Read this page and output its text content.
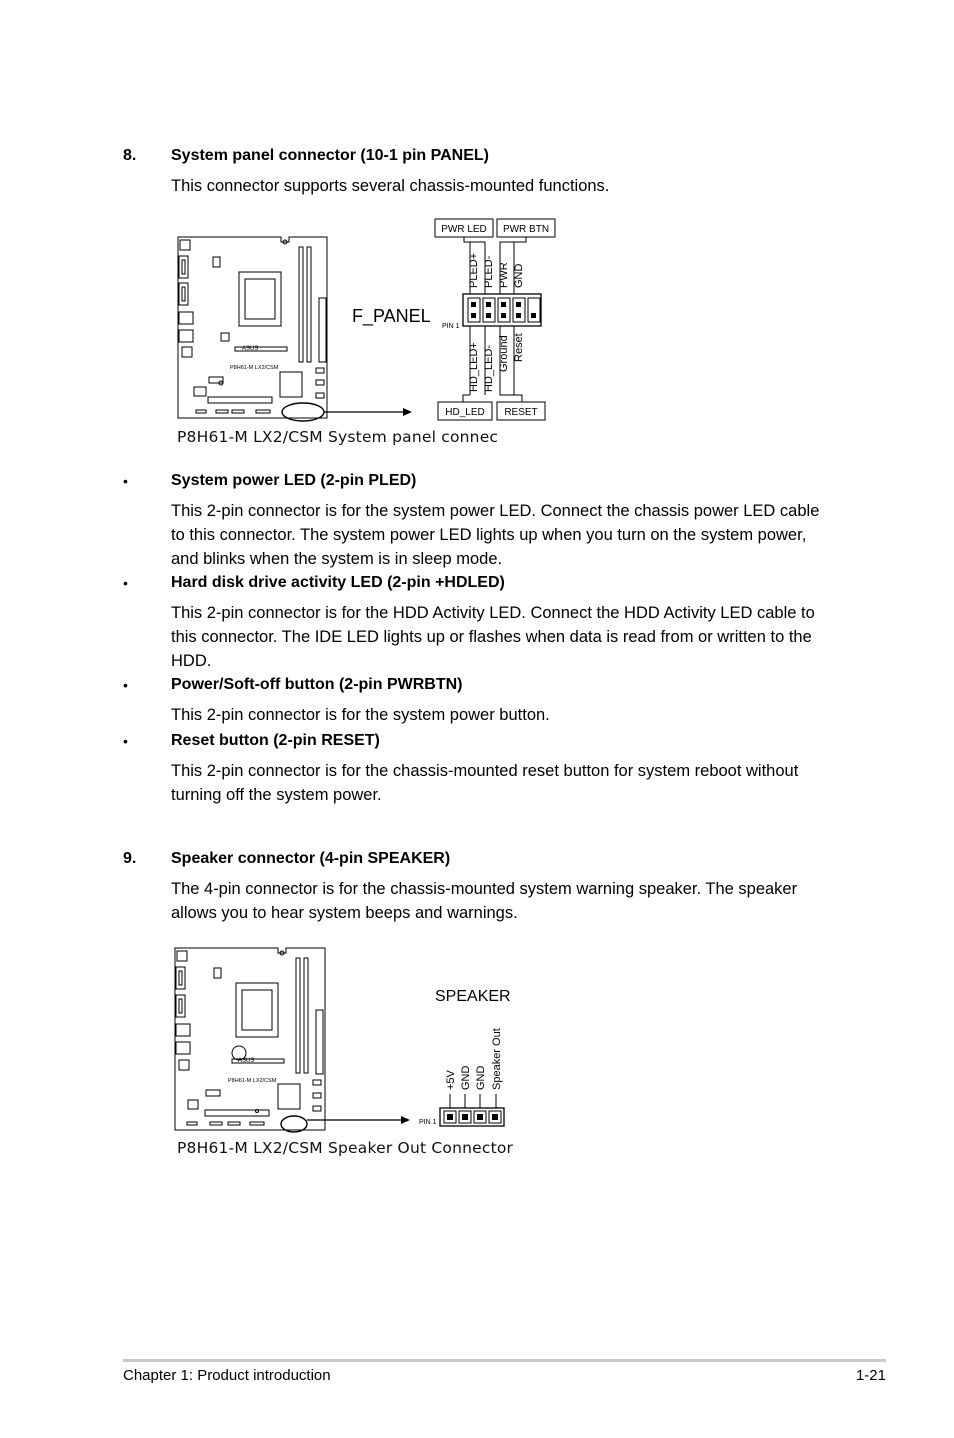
8. System panel connector (10-1 pin PANEL)
This connector supports several chassis-mounted functions.
ASUS
P8H61-M LX2/CSM
F_PANEL
PIN 1
PWR LED PWR BTN
PLED+ PLED- PWR GND
HD_LED+ HD_LED- Ground Reset
HD_LED RESET
P8H61-M LX2/CSM System panel connec
•	System power LED (2-pin PLED)
This 2-pin connector is for the system power LED. Connect the chassis power LED cable to this connector. The system power LED lights up when you turn on the system power, and blinks when the system is in sleep mode.
•	Hard disk drive activity LED (2-pin +HDLED)
This 2-pin connector is for the HDD Activity LED. Connect the HDD Activity LED cable to this connector. The IDE LED lights up or flashes when data is read from or written to the HDD.
•	Power/Soft-off button (2-pin PWRBTN)
This 2-pin connector is for the system power button.
•	Reset button (2-pin RESET)
This 2-pin connector is for the chassis-mounted reset button for system reboot without turning off the system power.
9. Speaker connector (4-pin SPEAKER)
The 4-pin connector is for the chassis-mounted system warning speaker. The speaker allows you to hear system beeps and warnings.
ASUS
P8H61-M LX2/CSM
SPEAKER
PIN 1
+5V GND GND Speaker Out
P8H61-M LX2/CSM Speaker Out Connector
Chapter 1: Product introduction	1-21
